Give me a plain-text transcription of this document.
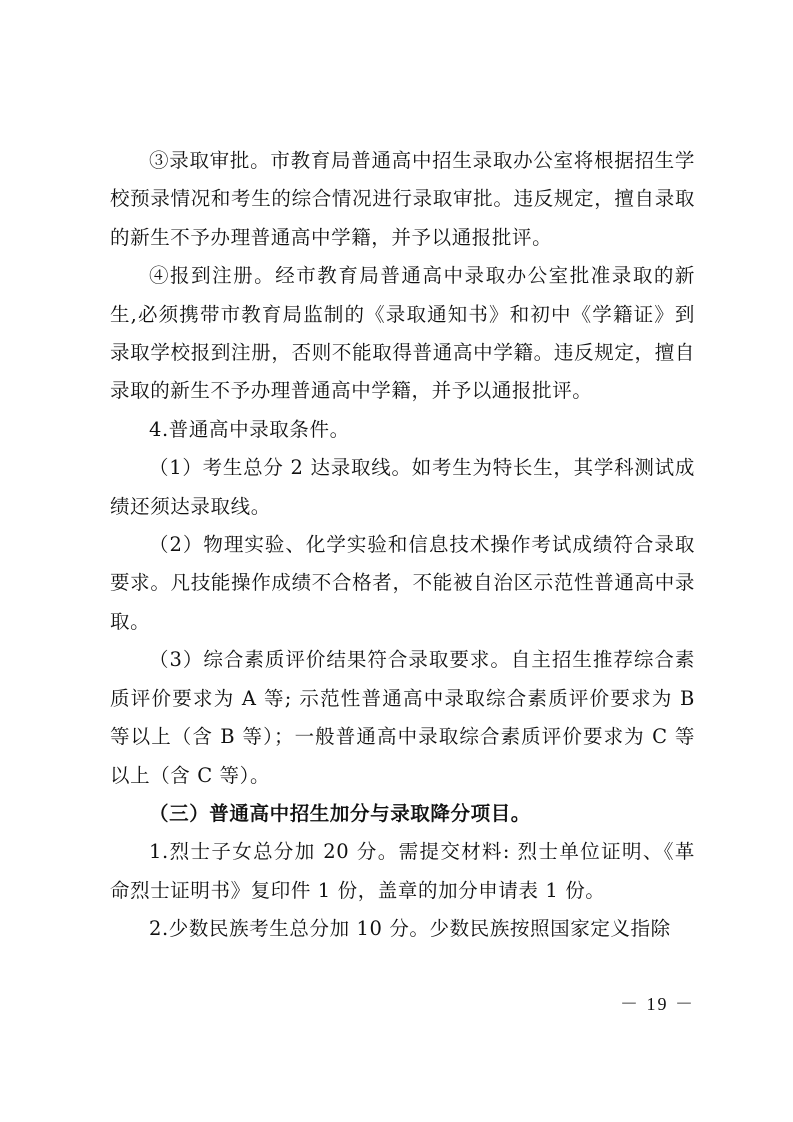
③录取审批。市教育局普通高中招生录取办公室将根据招生学校预录情况和考生的综合情况进行录取审批。违反规定，擅自录取的新生不予办理普通高中学籍，并予以通报批评。

④报到注册。经市教育局普通高中录取办公室批准录取的新生,必须携带市教育局监制的《录取通知书》和初中《学籍证》到录取学校报到注册，否则不能取得普通高中学籍。违反规定，擅自录取的新生不予办理普通高中学籍，并予以通报批评。

4.普通高中录取条件。

（1）考生总分 2 达录取线。如考生为特长生，其学科测试成绩还须达录取线。

（2）物理实验、化学实验和信息技术操作考试成绩符合录取要求。凡技能操作成绩不合格者，不能被自治区示范性普通高中录取。

（3）综合素质评价结果符合录取要求。自主招生推荐综合素质评价要求为 A 等; 示范性普通高中录取综合素质评价要求为 B 等以上（含 B 等）；一般普通高中录取综合素质评价要求为 C 等以上（含 C 等）。

（三）普通高中招生加分与录取降分项目。

1.烈士子女总分加 20 分。需提交材料: 烈士单位证明、《革命烈士证明书》复印件 1 份，盖章的加分申请表 1 份。

2.少数民族考生总分加 10 分。少数民族按照国家定义指除

－ 19 －
